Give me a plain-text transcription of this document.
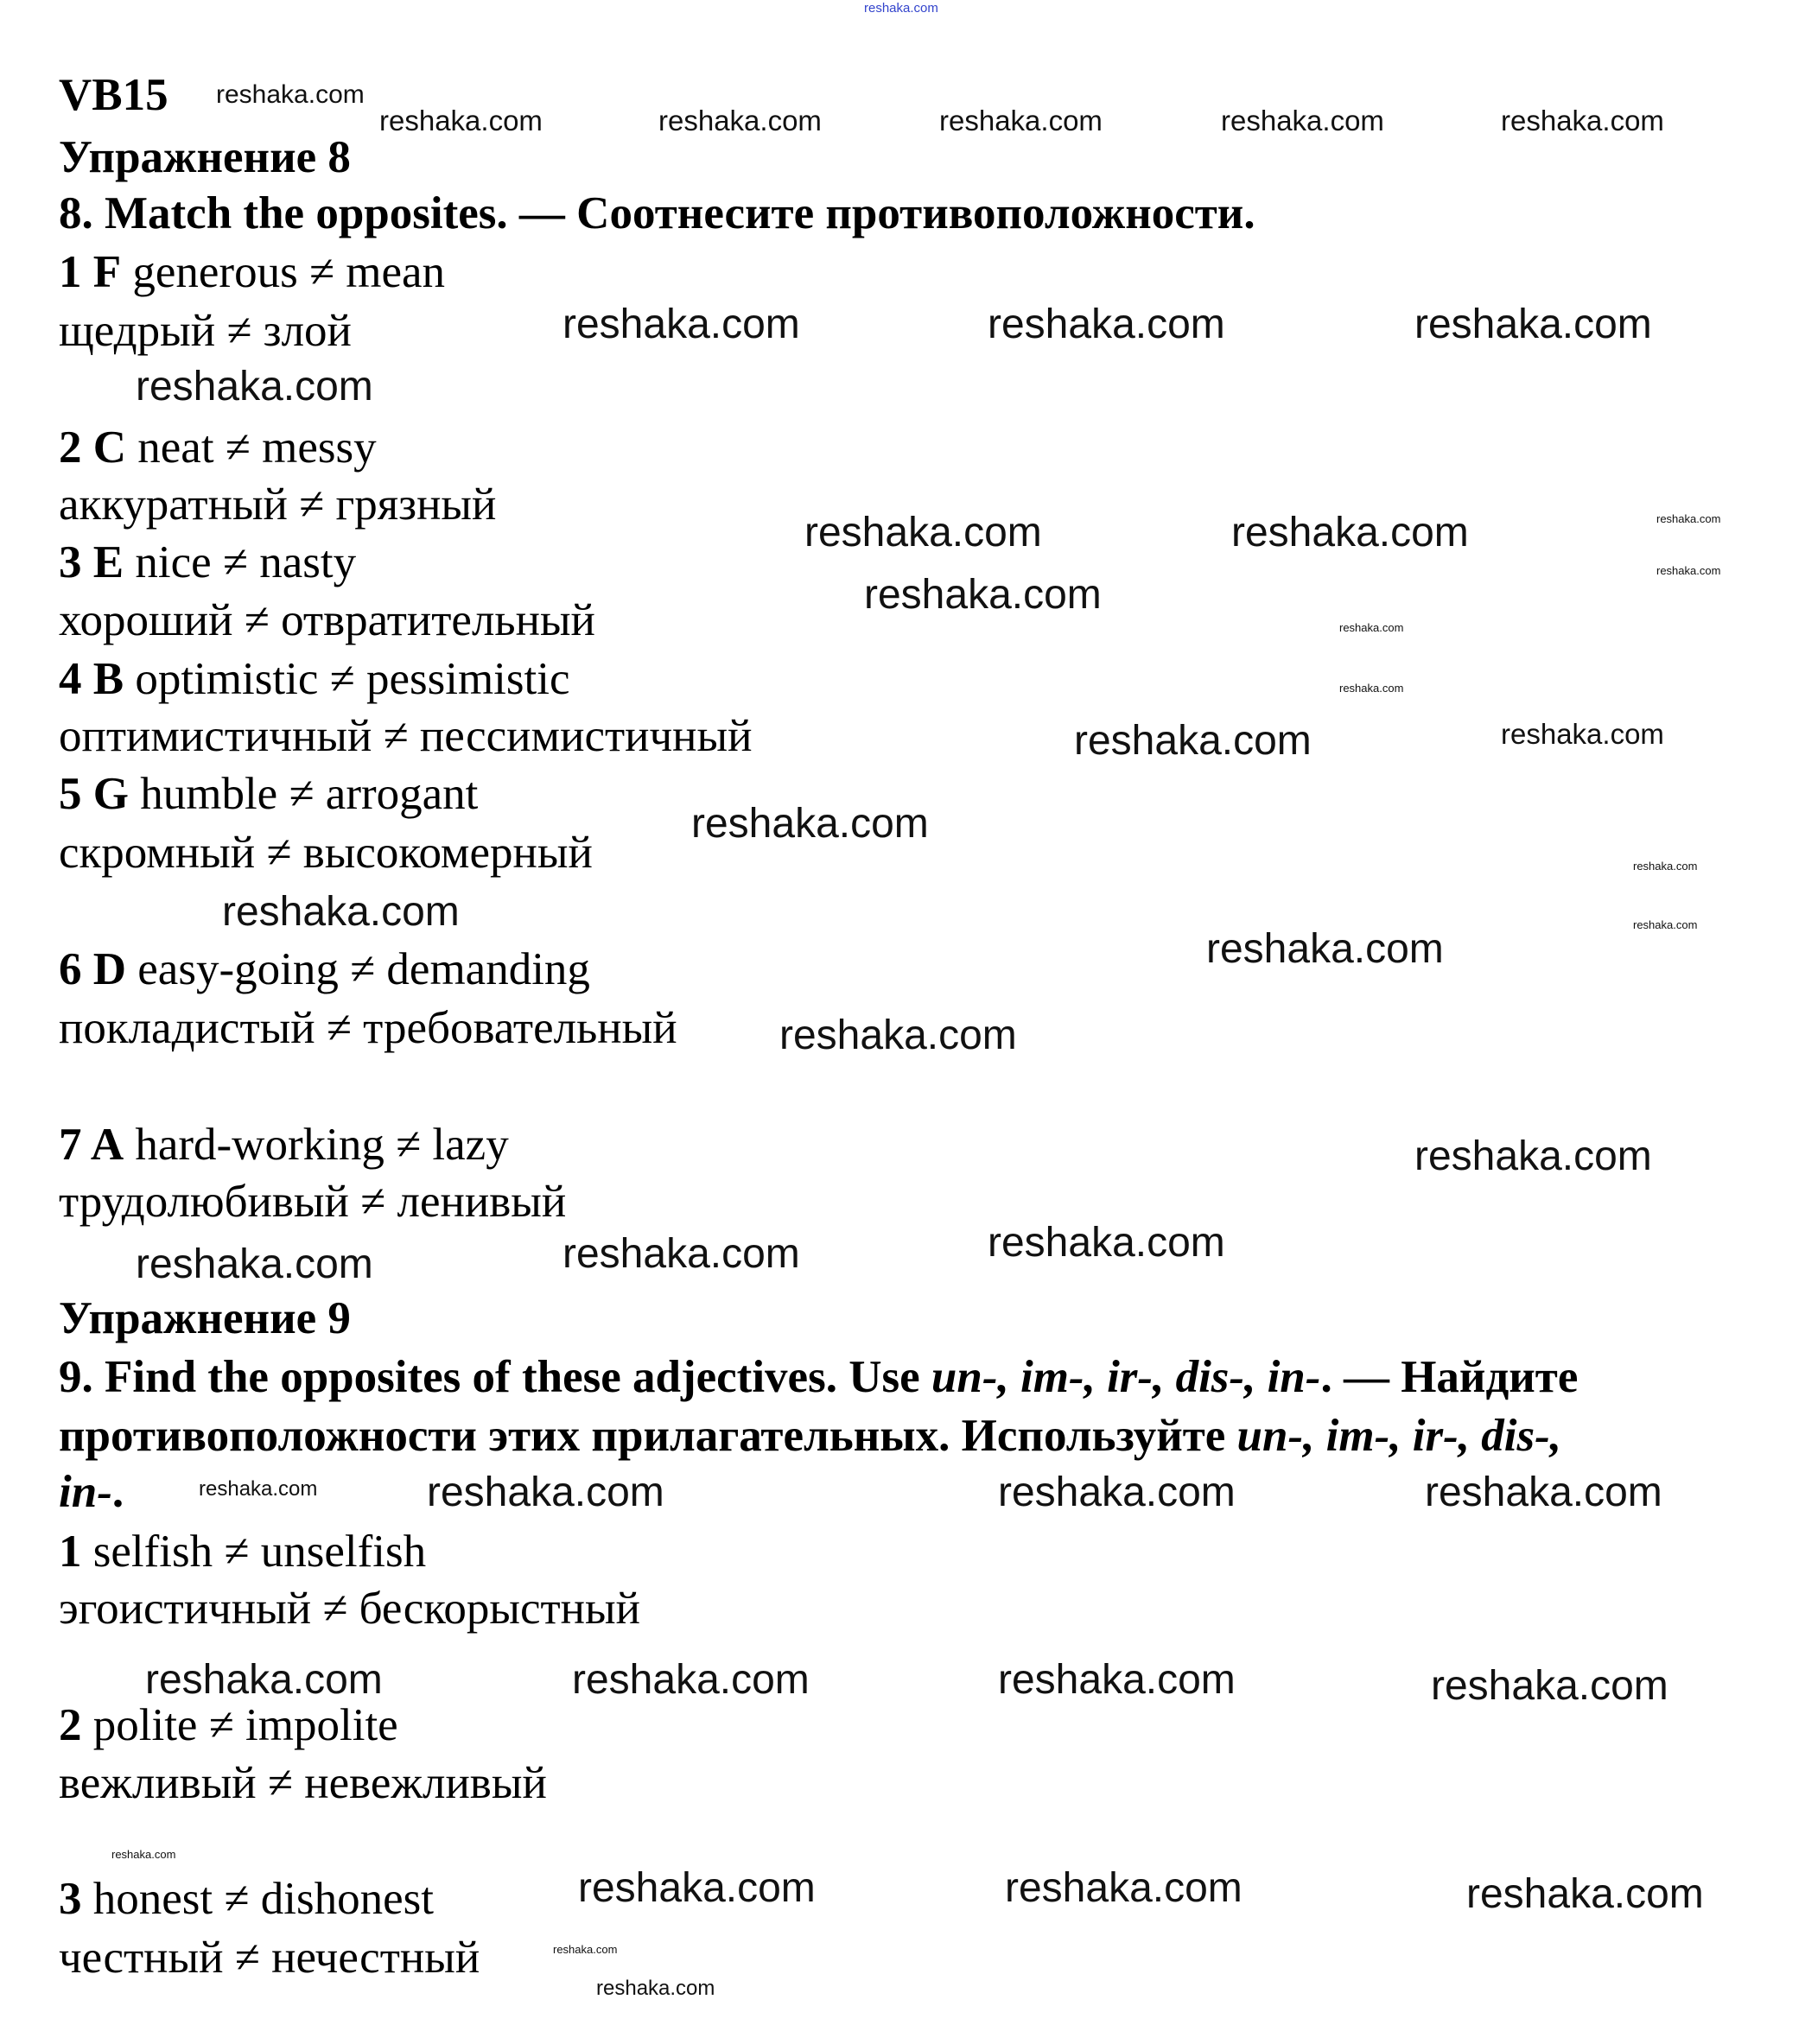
reshaka.com
reshaka.com	reshaka.com	reshaka.com	reshaka.com	reshaka.com
reshaka.com
reshaka.com
reshaka.com
reshaka.com
reshaka.com
reshaka.com
reshaka.com
reshaka.com
reshaka.com
reshaka.com
reshaka.com
reshaka.com
reshaka.com	reshaka.com	reshaka.com
reshaka.com
reshaka.com	reshaka.com
reshaka.com
reshaka.com
reshaka.com
reshaka.com
reshaka.com
reshaka.com
reshaka.com
reshaka.com	reshaka.com	reshaka.com
reshaka.com	reshaka.com	reshaka.com
reshaka.com	reshaka.com	reshaka.com	reshaka.com
reshaka.com	reshaka.com	reshaka.com
VB15
Упражнение 8
8. Match the opposites. — Соотнесите противоположности.
1 F generous ≠ mean
щедрый ≠ злой
2 C neat ≠ messy
аккуратный ≠ грязный
3 E nice ≠ nasty
хороший ≠ отвратительный
4 B optimistic ≠ pessimistic
оптимистичный ≠ пессимистичный
5 G humble ≠ arrogant
скромный ≠ высокомерный
6 D easy-going ≠ demanding
покладистый ≠ требовательный
7 A hard-working ≠ lazy
трудолюбивый ≠ ленивый
Упражнение 9
9. Find the opposites of these adjectives. Use un-, im-, ir-, dis-, in-. — Найдите
противоположности этих прилагательных. Используйте un-, im-, ir-, dis-,
in-.
1 selfish ≠ unselfish
эгоистичный ≠ бескорыстный
2 polite ≠ impolite
вежливый ≠ невежливый
3 honest ≠ dishonest
честный ≠ нечестный
